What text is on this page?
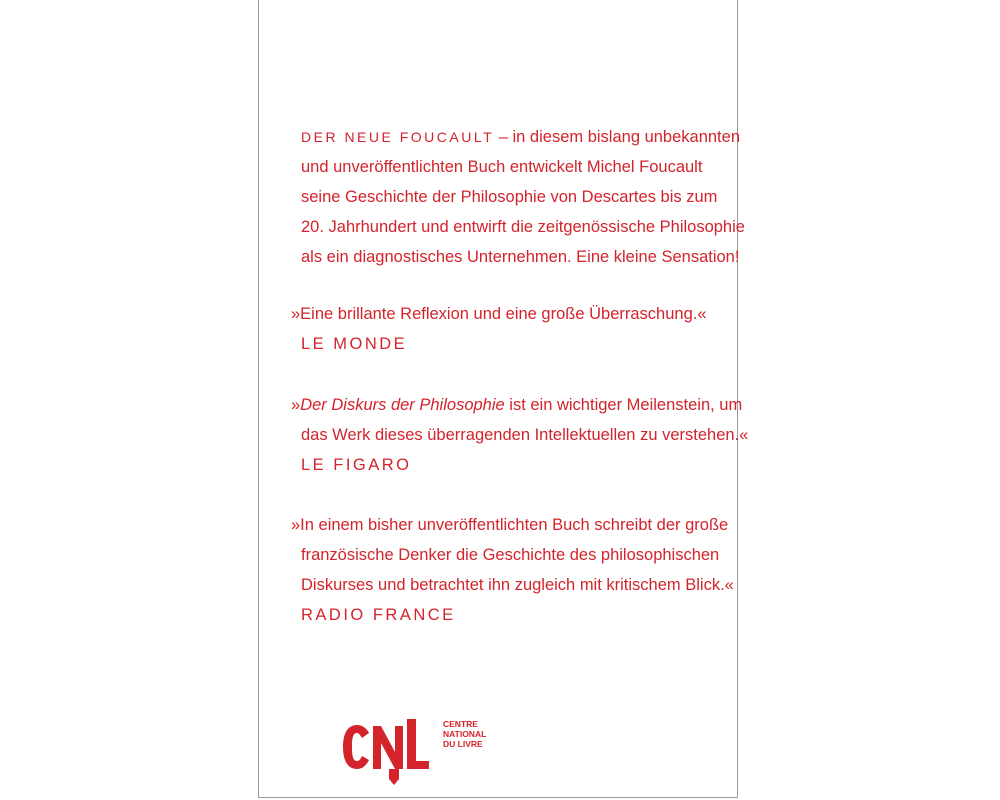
DER NEUE FOUCAULT – in diesem bislang unbekannten

und unveröffentlichten Buch entwickelt Michel Foucault

seine Geschichte der Philosophie von Descartes bis zum

20. Jahrhundert und entwirft die zeitgenössische Philosophie

als ein diagnostisches Unternehmen. Eine kleine Sensation!

»Eine brillante Reflexion und eine große Überraschung.«

LE MONDE

»Der Diskurs der Philosophie ist ein wichtiger Meilenstein, um

das Werk dieses überragenden Intellektuellen zu verstehen.«

LE FIGARO

»In einem bisher unveröffentlichten Buch schreibt der große

französische Denker die Geschichte des philosophischen

Diskurses und betrachtet ihn zugleich mit kritischem Blick.«

RADIO FRANCE

CENTRE
NATIONAL
DU LIVRE
